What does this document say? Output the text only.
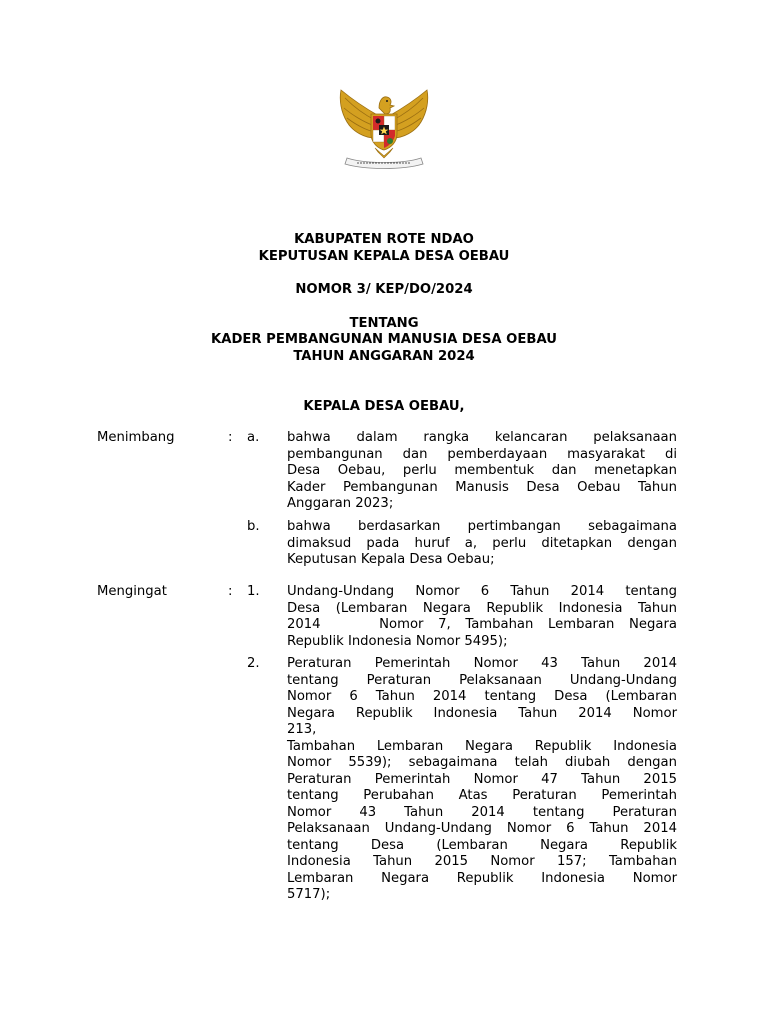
KABUPATEN ROTE NDAO
KEPUTUSAN KEPALA DESA OEBAU
NOMOR 3/ KEP/DO/2024
TENTANG
KADER PEMBANGUNAN MANUSIA DESA OEBAU
TAHUN ANGGARAN 2024
KEPALA DESA OEBAU,
Menimbang	: a. bahwa dalam rangka kelancaran pelaksanaan
pembangunan dan pemberdayaan masyarakat di
Desa Oebau, perlu membentuk dan menetapkan
Kader Pembangunan Manusis Desa Oebau Tahun
Anggaran 2023;
b. bahwa berdasarkan pertimbangan sebagaimana
dimaksud pada huruf a, perlu ditetapkan dengan
Keputusan Kepala Desa Oebau;
Mengingat	: 1. Undang-Undang Nomor 6 Tahun 2014 tentang
Desa (Lembaran Negara Republik Indonesia Tahun
2014    Nomor 7, Tambahan Lembaran Negara
Republik Indonesia Nomor 5495);
2. Peraturan Pemerintah Nomor 43 Tahun 2014
tentang Peraturan Pelaksanaan Undang-Undang
Nomor 6 Tahun 2014 tentang Desa (Lembaran
Negara Republik Indonesia Tahun 2014 Nomor
213,
Tambahan Lembaran Negara Republik Indonesia
Nomor 5539); sebagaimana telah diubah dengan
Peraturan Pemerintah Nomor 47 Tahun 2015
tentang Perubahan Atas Peraturan Pemerintah
Nomor 43 Tahun 2014 tentang Peraturan
Pelaksanaan Undang-Undang Nomor 6 Tahun 2014
tentang Desa (Lembaran Negara Republik
Indonesia Tahun 2015 Nomor 157; Tambahan
Lembaran Negara Republik Indonesia Nomor
5717);
